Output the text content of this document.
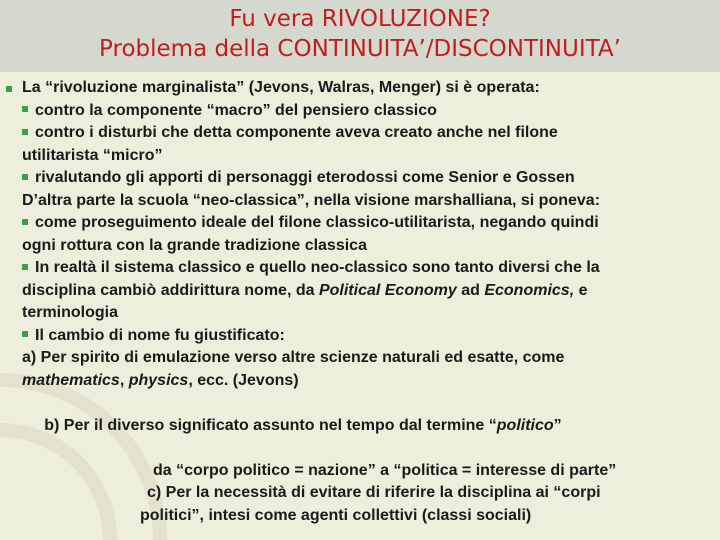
Fu vera RIVOLUZIONE?
Problema della CONTINUITA’/DISCONTINUITA’
La “rivoluzione marginalista” (Jevons, Walras, Menger) si è operata:
contro la componente “macro” del pensiero classico
contro i disturbi che detta componente aveva creato anche nel filone
utilitarista “micro”
rivalutando gli apporti di personaggi eterodossi come Senior e Gossen
D’altra parte la scuola “neo-classica”, nella visione marshalliana, si poneva:
come proseguimento ideale del filone classico-utilitarista, negando quindi
ogni rottura con la grande tradizione classica
In realtà il sistema classico e quello neo-classico sono tanto diversi che la
disciplina cambiò addirittura nome, da Political Economy ad Economics, e
terminologia
Il cambio di nome fu giustificato:
a) Per spirito di emulazione verso altre scienze naturali ed esatte, come
mathematics, physics, ecc. (Jevons)

b) Per il diverso significato assunto nel tempo dal termine “politico”

da “corpo politico = nazione” a “politica = interesse di parte”
c) Per la necessità di evitare di riferire la disciplina ai “corpi
politici”, intesi come agenti collettivi (classi sociali)
